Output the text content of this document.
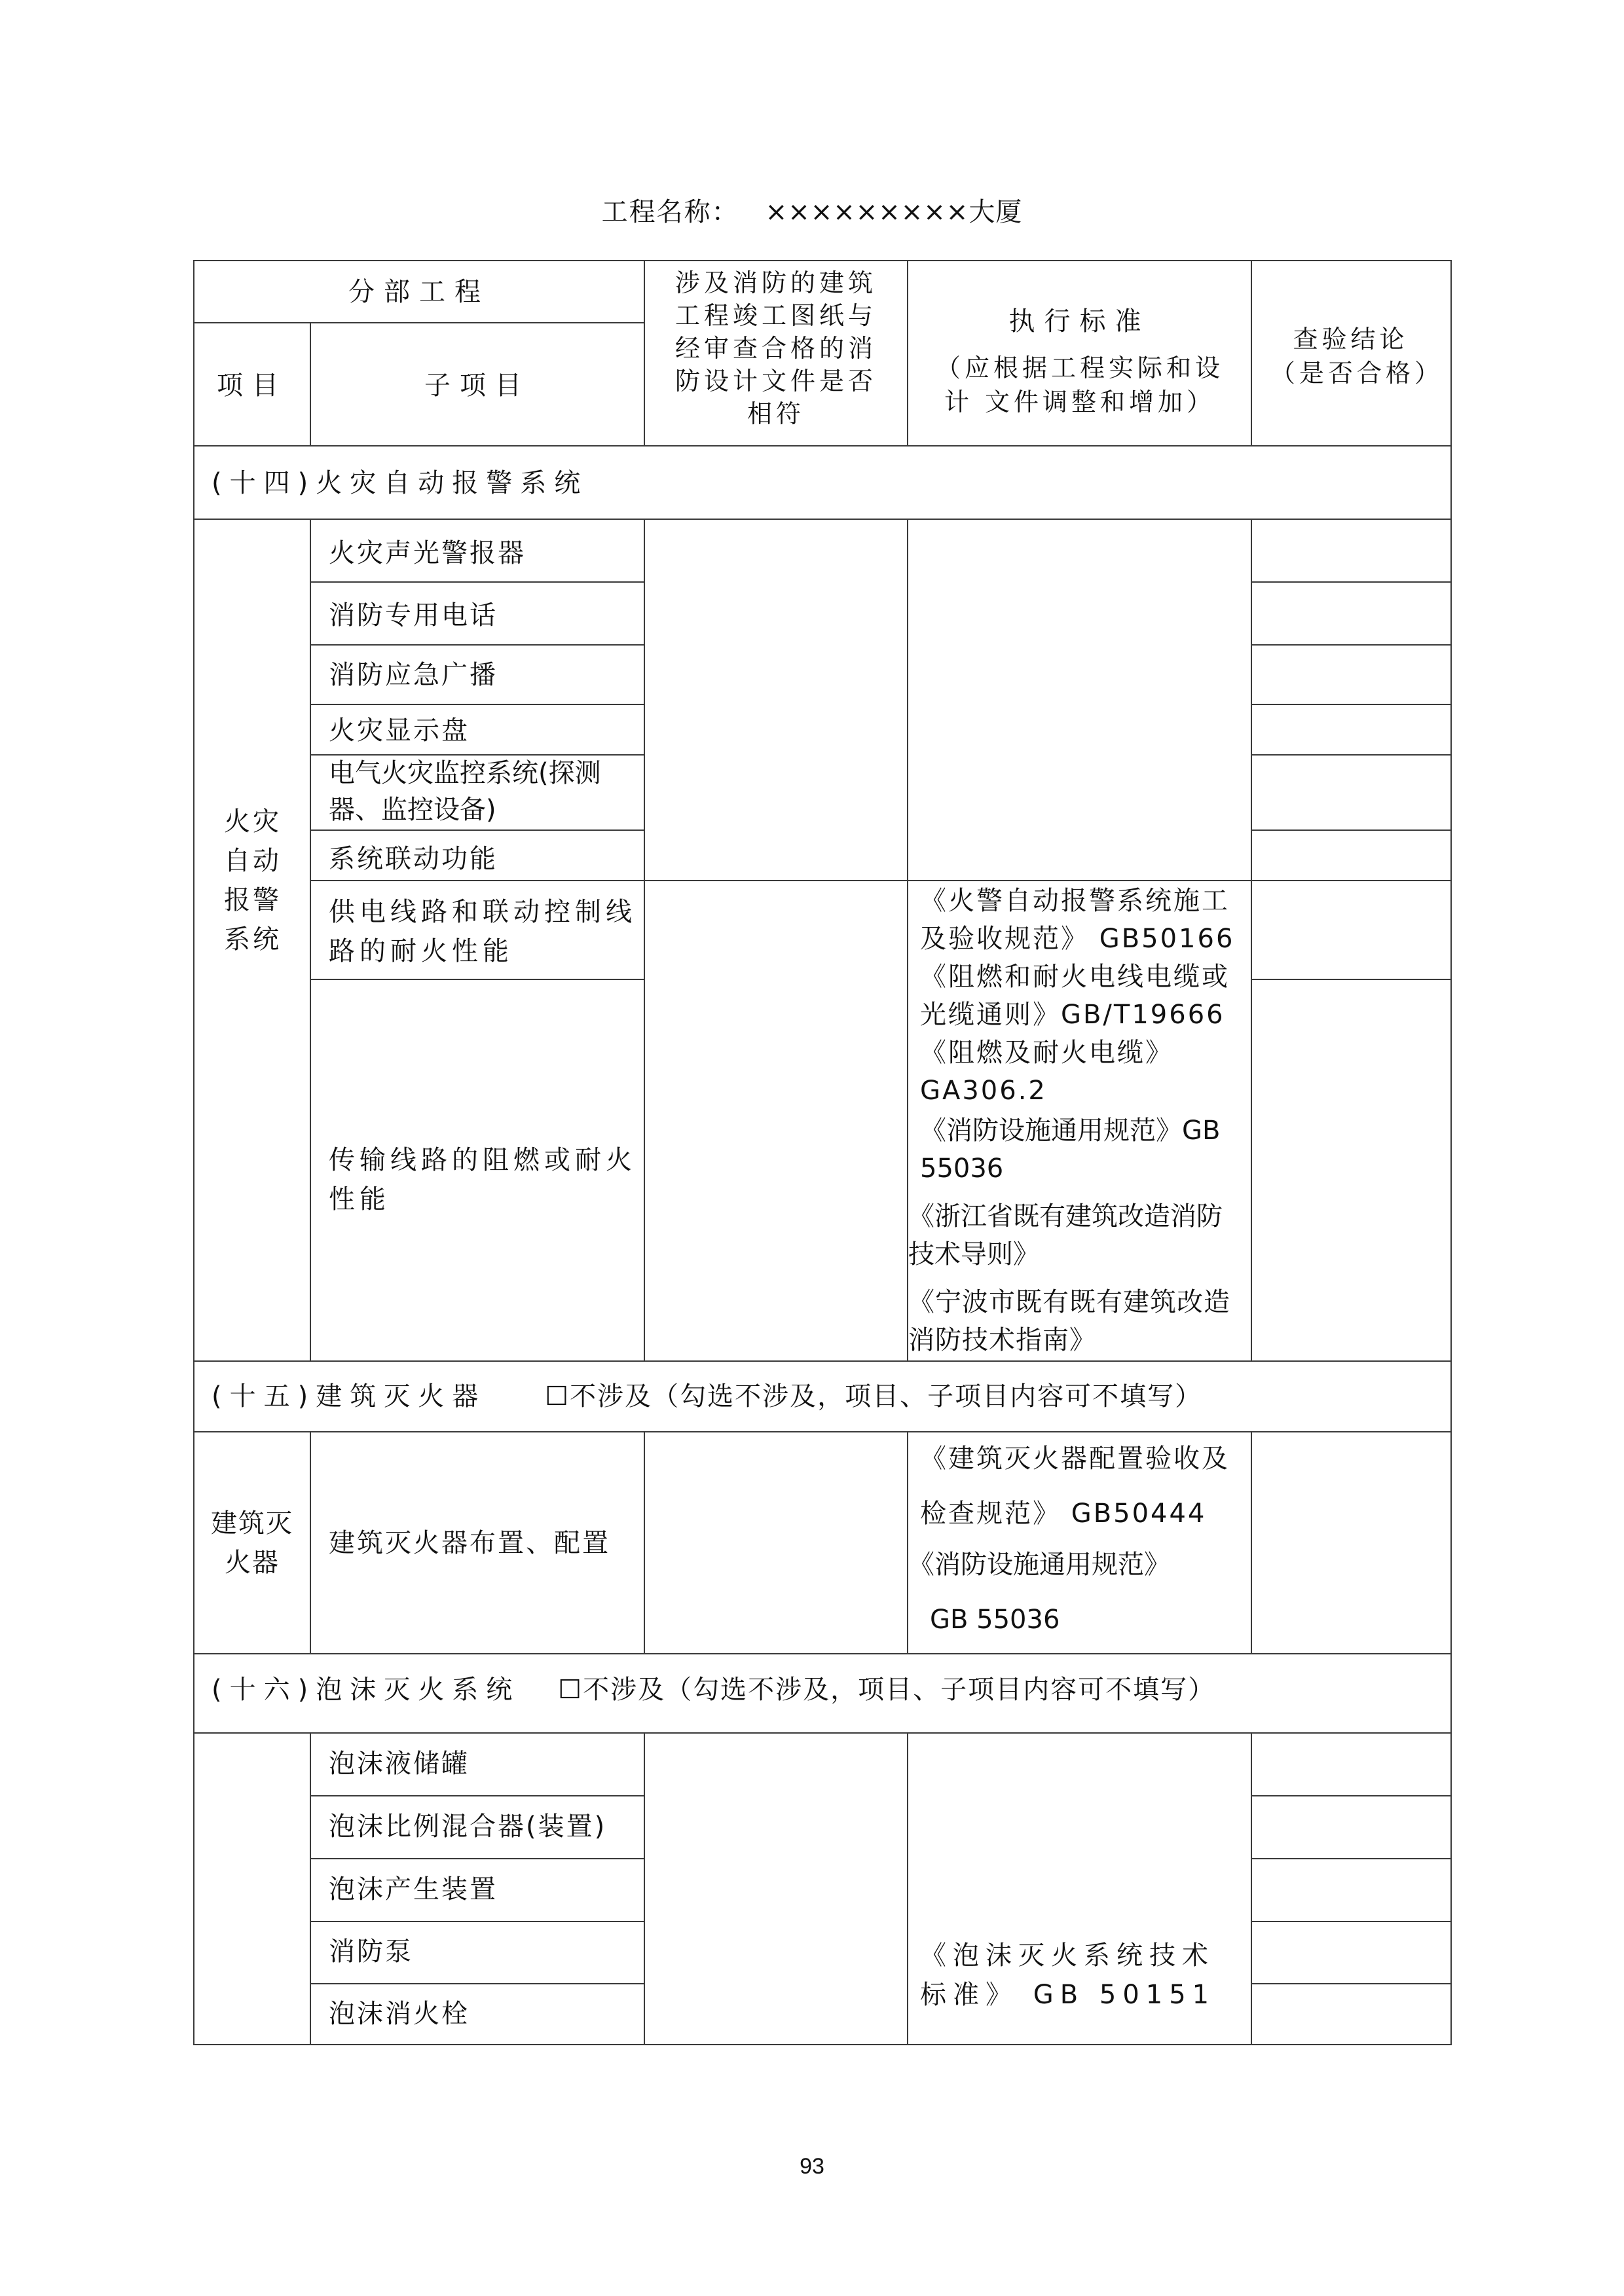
工程名称： ×××××××××大厦
分部工程
项目	子项目
涉及消防的建筑工程竣工图纸与经审查合格的消防设计文件是否相符
执行标准
（应根据工程实际和设计 文件调整和增加）
查验结论（是否合格）
(十四)火灾自动报警系统
火灾自动报警系统
火灾声光警报器
消防专用电话
消防应急广播
火灾显示盘
电气火灾监控系统(探测器、监控设备)
系统联动功能
供电线路和联动控制线路的耐火性能
传输线路的阻燃或耐火性能
《火警自动报警系统施工及验收规范》 GB50166
《阻燃和耐火电线电缆或光缆通则》GB/T19666
《阻燃及耐火电缆》GA306.2
《消防设施通用规范》GB 55036
《浙江省既有建筑改造消防技术导则》
《宁波市既有既有建筑改造消防技术指南》
(十五)建筑灭火器 ☐不涉及（勾选不涉及，项目、子项目内容可不填写）
建筑灭火器
建筑灭火器布置、配置
《建筑灭火器配置验收及检查规范》 GB50444
《消防设施通用规范》
GB 55036
(十六)泡沫灭火系统 ☐不涉及（勾选不涉及，项目、子项目内容可不填写）
泡沫液储罐
泡沫比例混合器(装置)
泡沫产生装置
消防泵
泡沫消火栓
《泡沫灭火系统技术标准》 GB 50151
93
